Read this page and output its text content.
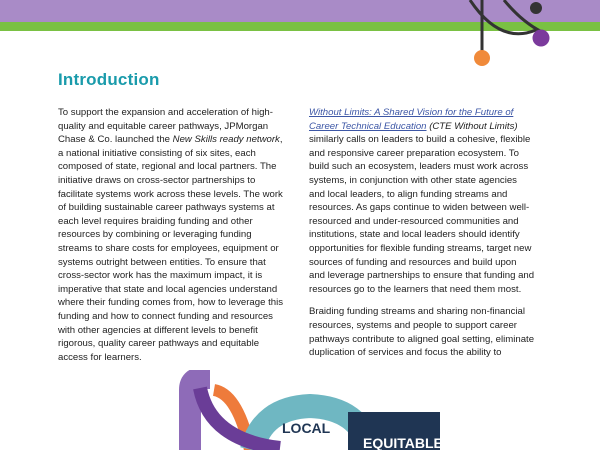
Introduction

To support the expansion and acceleration of high-quality and equitable career pathways, JPMorgan Chase & Co. launched the New Skills ready network, a national initiative consisting of six sites, each composed of state, regional and local partners. The initiative draws on cross-sector partnerships to facilitate systems work across these levels. The work of building sustainable career pathways systems at each level requires braiding funding and other resources by combining or leveraging funding streams to share costs for employees, equipment or systems outright between entities. To ensure that cross-sector work has the maximum impact, it is imperative that state and local agencies understand where their funding comes from, how to leverage this funding and how to connect funding and resources with other agencies at different levels to benefit rigorous, quality career pathways and equitable access for learners.

Without Limits: A Shared Vision for the Future of Career Technical Education (CTE Without Limits) similarly calls on leaders to build a cohesive, flexible and responsive career preparation ecosystem. To build such an ecosystem, leaders must work across systems, in conjunction with other state agencies and local leaders, to align funding streams and resources. As gaps continue to widen between well-resourced and under-resourced communities and institutions, state and local leaders should identify opportunities for flexible funding streams, target new sources of funding and resources and build upon and leverage partnerships to ensure that funding and resources go to the learners that need them most.

Braiding funding streams and sharing non-financial resources, systems and people to support career pathways contribute to aligned goal setting, eliminate duplication of services and focus the ability to

LOCAL
EQUITABLE
